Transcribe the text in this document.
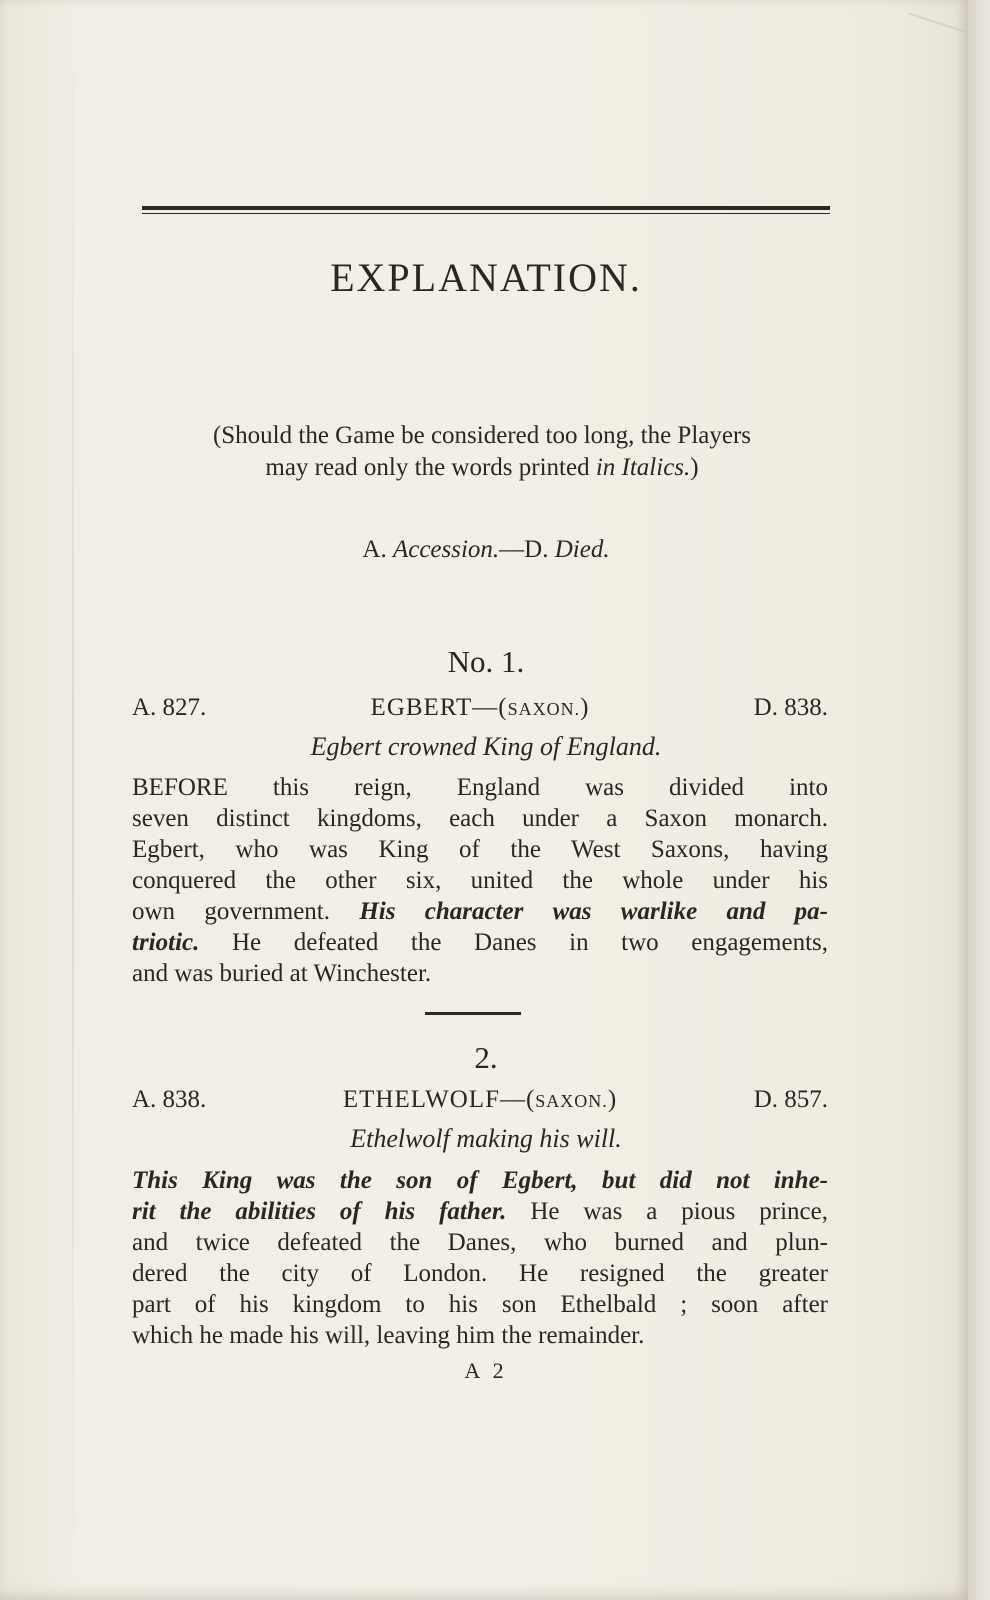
EXPLANATION.
(Should the Game be considered too long, the Players
may read only the words printed in Italics.)
A. Accession.—D. Died.
No. 1.
A. 827.	EGBERT—(SAXON.)	D. 838.
Egbert crowned King of England.
BEFORE this reign, England was divided into
seven distinct kingdoms, each under a Saxon monarch.
Egbert, who was King of the West Saxons, having
conquered the other six, united the whole under his
own government. His character was warlike and pa-
triotic. He defeated the Danes in two engagements,
and was buried at Winchester.
2.
A. 838.	ETHELWOLF—(SAXON.)	D. 857.
Ethelwolf making his will.
This King was the son of Egbert, but did not inhe-
rit the abilities of his father. He was a pious prince,
and twice defeated the Danes, who burned and plun-
dered the city of London. He resigned the greater
part of his kingdom to his son Ethelbald ; soon after
which he made his will, leaving him the remainder.
A 2
